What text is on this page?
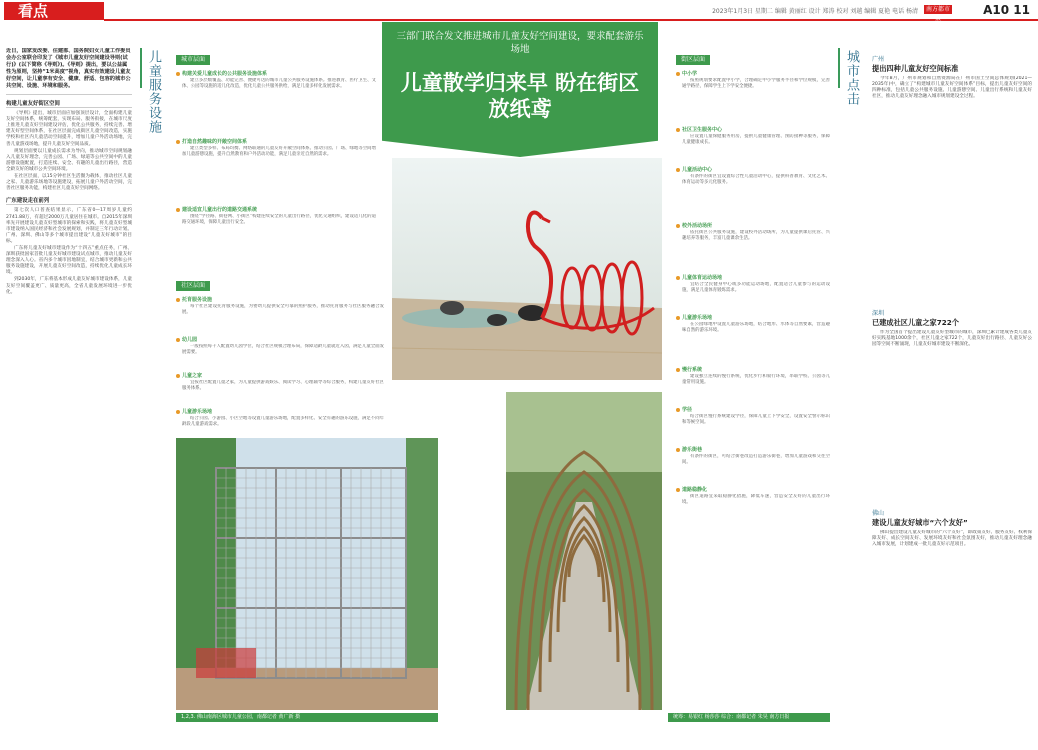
看点	2023年1月3日 星期二 编辑 黄丽红 设计 郑涛 校对 刘越 编辑 夏艳 电话 杨清	南方都市报
A10 11
近日，国家发改委、住建部、国务院妇女儿童工作委员会办公室联合印发了《城市儿童友好空间建设导则(试行)》(以下简称《导则》)。《导则》提出，要以公益属性为原则，坚持“1米高度”视角，真实有效建设儿童友好空间，让儿童享有安全、健康、舒适、包容的城市公共空间、设施、环境和服务。
构建儿童友好街区空间

《导则》提出，城市层面应加强顶层设计，全面构建儿童友好空间体系，统筹配套，实现布局、服务衔接，在城市尺度上推进儿童友好空间建设评估，优化公共服务，持续完善、增建友好型空间体系，在社区层面完成街区儿童空间改造，实施学校和社区内儿童活动空间提升，增加儿童户外活动场地，完善儿童游戏场地，提升儿童友好空间品质。

规划层面要以儿童成长需求为导向，推动城市空间规划融入儿童友好理念，完善公园、广场、绿道等公共空间中的儿童游憩设施配置，打造连续、安全、有趣的儿童出行路径，营造全龄友好的城市公共空间环境。

在社区层面，以15分钟社区生活圈为载体，推动社区儿童之家、儿童游乐场地等设施建设，拓展儿童户外活动空间，完善社区服务功能，构建社区儿童友好空间网络。

广东建设走在前列

第七次人口普查结果显示，广东省0—17周岁儿童约2741.88万，有超过2000万儿童居住在城市。自2015年深圳率先开展建设儿童友好型城市的探索和实践，将儿童友好型城市建设纳入国民经济和社会发展规划，并制定三年行动计划。广州、深圳、佛山等多个城市提出建设“儿童友好城市”的目标。

广东将儿童友好城市建设作为“十四五”重点任务，广州、深圳获批国家首批儿童友好城市建设试点城市，推动儿童友好理念深入人心。省内多个城市因地制宜，结合城市更新和公共服务设施建设，开展儿童友好空间改造，持续优化儿童成长环境。

到2030年，广东将基本形成儿童友好城市建设体系，儿童友好空间覆盖更广、质量更高，全省儿童发展环境进一步优化。

儿童服务设施
三部门联合发文推进城市儿童友好空间建设，要求配套游乐场地
儿童散学归来早 盼在街区放纸鸢
城市层面
社区层面
街区层面
构建关爱儿童成长的公共服务设施体系

建立多层级覆盖、功能完善、便捷可达的城市儿童公共服务设施体系。推进教育、医疗卫生、文体、公园等设施的适儿化改造，优化儿童公共服务供给，满足儿童多样化发展需求。

打造自然趣味的开敞空间体系

建立类型多样、布局均衡、网络联通的儿童友好开敞空间体系。推动公园、广场、绿地等空间增加儿童游憩设施，提升自然教育和户外活动功能，满足儿童亲近自然的需求。

建设适宜儿童出行的道路交通系统

围绕“学径路、街巷网、小街区”构建连续安全的儿童出行路径，优化交通组织，建设适儿化的道路交通环境，保障儿童出行安全。

托育服务设施

每个社区建设托育服务设施，为婴幼儿提供安全可靠的照护服务，推动托育服务与社区服务融合发展。

幼儿园

一般按照每千人配置幼儿园学位，结合社区规模合理布局，保障适龄儿童就近入园，满足儿童全面发展需要。

儿童之家

宜按社区配置儿童之家，为儿童提供游戏娱乐、阅读学习、心理辅导等综合服务，构建儿童友好社区服务体系。

儿童游乐场地

结合公园、小游园、小区空地等设置儿童游乐场地，配置多样化、安全有趣的游乐设施，满足不同年龄段儿童游戏需求。

中小学

按照规划要求配置中小学，合理确定中小学服务半径和学位规模，完善通学路径，保障学生上下学安全便捷。

社区卫生服务中心

应设置儿童保健服务用房，提供儿童健康管理、预防接种等服务，保障儿童健康成长。

儿童活动中心

有条件的街区宜设置综合性儿童活动中心，提供科普教育、文化艺术、体育运动等多元化服务。

校外活动场所

依托街区公共服务设施，建设校外活动场所，为儿童提供课后托管、兴趣培养等服务，丰富儿童课余生活。

儿童体育运动场地

宜结合全民健身中心或多功能运动场地，配置适合儿童参与的运动设施，满足儿童体育锻炼需求。

儿童游乐场地

在公园绿地中设置儿童游乐场地，结合地形、水体等自然要素，营造趣味自然的游乐环境。

慢行系统

建设独立连续的慢行系统，优化步行和骑行环境，串联学校、公园等儿童常用设施。

学径

结合街区慢行系统建设学径，保障儿童上下学安全，设置安全警示标识和等候空间。

游乐街巷

有条件的街区，可结合街巷改造打造游乐街巷，增加儿童游戏和交往空间。

道路稳静化

街区道路宜采取稳静化措施，降低车速，营造安全友好的儿童出行环境。

1,2,3. 佛山南海区城市儿童公园，南都记者 黄广新 摄	统筹：易银红 杨莎莎 综合：南都记者 朱昊 南方日报
城市点击	广州
提出四种儿童友好空间标准

今年8月，广州市规划和自然资源局在广州市国土空间总体规划(2021—2035年)中，确立了“构建城市儿童友好空间体系”目标，提出儿童友好空间的四种标准，包括儿童公共服务设施、儿童游憩空间、儿童出行系统和儿童友好社区，推动儿童友好理念融入城市规划建设全过程。

深圳
已建成社区儿童之家722个

作为全国首个提出建设儿童友好型城市的城市，深圳已累计建成各类儿童友好实践基地1000余个，社区儿童之家722个，儿童友好出行路径、儿童友好公园等空间不断涌现，儿童友好城市建设不断深化。

佛山
建设儿童友好城市“六个友好”

佛山提出建设儿童友好城市的“六个友好”，即政策友好、服务友好、权利保障友好、成长空间友好、发展环境友好和社会氛围友好，推动儿童友好理念融入城市发展，计划建成一批儿童友好示范项目。
